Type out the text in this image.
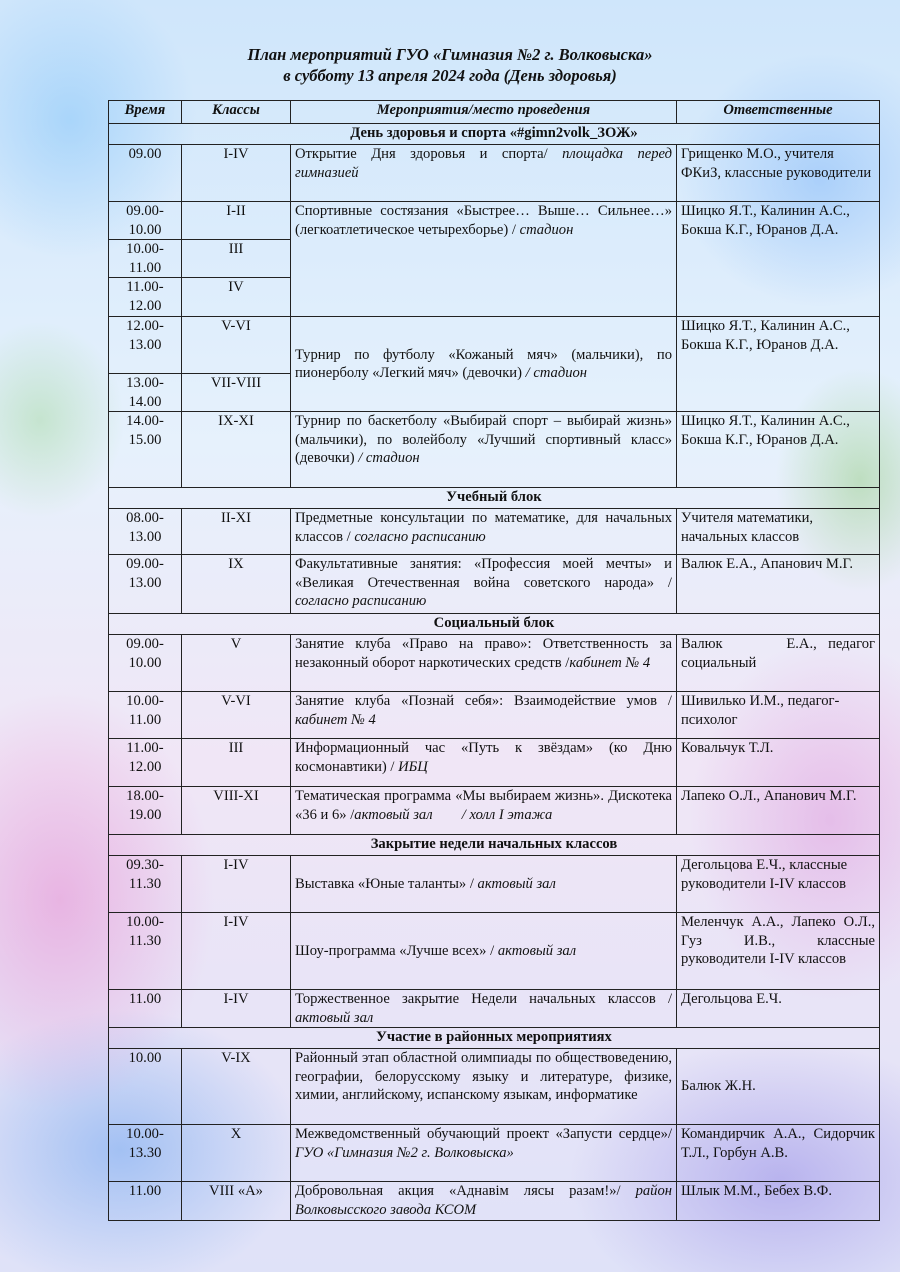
План мероприятий ГУО «Гимназия №2 г. Волковыска»
в субботу 13 апреля 2024 года (День здоровья)
Время	Классы	Мероприятия/место проведения	Ответственные
День здоровья и спорта «#gimn2volk_ЗОЖ»			
09.00	I-IV	Открытие Дня здоровья и спорта/ площадка перед гимназией	Грищенко М.О., учителя ФКиЗ, классные руководители
09.00-10.00	I-II	Спортивные состязания «Быстрее… Выше… Сильнее…» (легкоатлетическое четырехборье) / стадион	Шицко Я.Т., Калинин А.С., Бокша К.Г., Юранов Д.А.
10.00-11.00	III		
11.00-12.00	IV		
12.00-13.00	V-VI	Турнир по футболу «Кожаный мяч» (мальчики), по пионерболу «Легкий мяч» (девочки) / стадион	Шицко Я.Т., Калинин А.С., Бокша К.Г., Юранов Д.А.
13.00-14.00	VII-VIII		
14.00-15.00	IX-XI	Турнир по баскетболу «Выбирай спорт – выбирай жизнь» (мальчики), по волейболу «Лучший спортивный класс» (девочки) / стадион	Шицко Я.Т., Калинин А.С., Бокша К.Г., Юранов Д.А.
Учебный блок			
08.00-13.00	II-XI	Предметные консультации по математике, для начальных классов / согласно расписанию	Учителя математики, начальных классов
09.00-13.00	IX	Факультативные занятия: «Профессия моей мечты» и «Великая Отечественная война советского народа» / согласно расписанию	Валюк Е.А., Апанович М.Г.
Социальный блок			
09.00-10.00	V	Занятие клуба «Право на право»: Ответственность за незаконный оборот наркотических средств /кабинет № 4	Валюк Е.А., педагог социальный
10.00-11.00	V-VI	Занятие клуба «Познай себя»: Взаимодействие умов /кабинет № 4	Шивилько И.М., педагог-психолог
11.00-12.00	III	Информационный час «Путь к звёздам» (ко Дню космонавтики) / ИБЦ	Ковальчук Т.Л.
18.00-19.00	VIII-XI	Тематическая программа «Мы выбираем жизнь». Дискотека «36 и 6» /актовый зал        / холл I этажа	Лапеко О.Л., Апанович М.Г.
Закрытие недели начальных классов			
09.30-11.30	I-IV	Выставка «Юные таланты» / актовый зал	Дегольцова Е.Ч., классные руководители I-IV классов
10.00-11.30	I-IV	Шоу-программа «Лучше всех» / актовый зал	Меленчук А.А., Лапеко О.Л., Гуз И.В., классные руководители I-IV классов
11.00	I-IV	Торжественное закрытие Недели начальных классов / актовый зал	Дегольцова Е.Ч.
Участие в районных мероприятиях			
10.00	V-IX	Районный этап областной олимпиады по обществоведению, географии, белорусскому языку и литературе, физике, химии, английскому, испанскому языкам, информатике	Балюк Ж.Н.
10.00-13.30	X	Межведомственный обучающий проект «Запусти сердце»/ ГУО «Гимназия №2 г. Волковыска»	Командирчик А.А., Сидорчик Т.Л., Горбун А.В.
11.00	VIII «А»	Добровольная акция «Аднавім лясы разам!»/ район Волковысского завода КСОМ	Шлык М.М., Бебех В.Ф.
